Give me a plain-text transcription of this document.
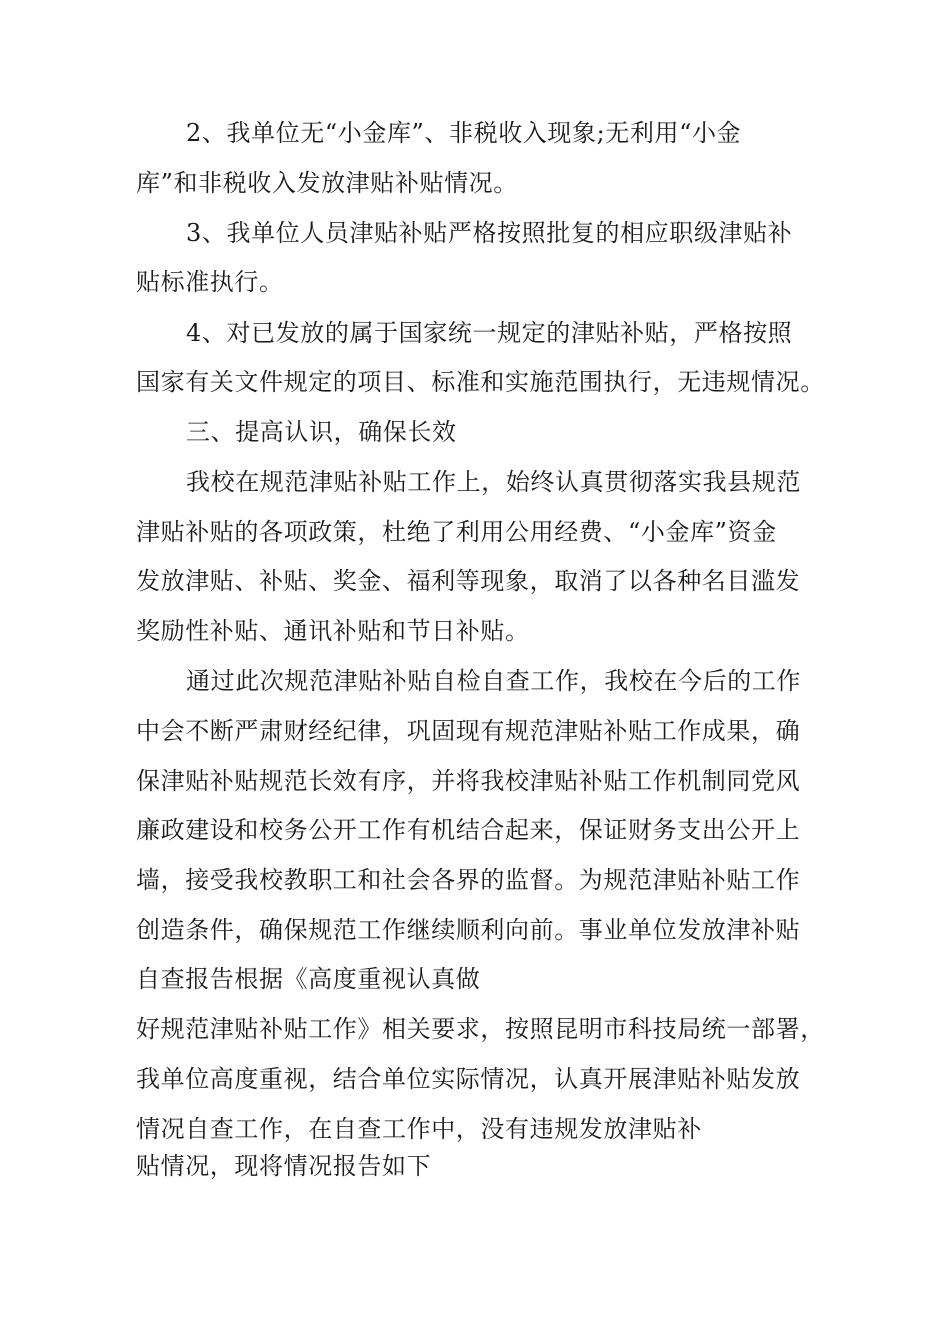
2、我单位无“小金库”、非税收入现象;无利用“小金
库”和非税收入发放津贴补贴情况。
3、我单位人员津贴补贴严格按照批复的相应职级津贴补
贴标准执行。
4、对已发放的属于国家统一规定的津贴补贴，严格按照
国家有关文件规定的项目、标准和实施范围执行，无违规情况。
三、提高认识，确保长效
我校在规范津贴补贴工作上，始终认真贯彻落实我县规范
津贴补贴的各项政策，杜绝了利用公用经费、“小金库”资金
发放津贴、补贴、奖金、福利等现象，取消了以各种名目滥发
奖励性补贴、通讯补贴和节日补贴。
通过此次规范津贴补贴自检自查工作，我校在今后的工作
中会不断严肃财经纪律，巩固现有规范津贴补贴工作成果，确
保津贴补贴规范长效有序，并将我校津贴补贴工作机制同党风
廉政建设和校务公开工作有机结合起来，保证财务支出公开上
墙，接受我校教职工和社会各界的监督。为规范津贴补贴工作
创造条件，确保规范工作继续顺利向前。事业单位发放津补贴
自查报告根据《高度重视认真做
好规范津贴补贴工作》相关要求，按照昆明市科技局统一部署，
我单位高度重视，结合单位实际情况，认真开展津贴补贴发放
情况自查工作，在自查工作中，没有违规发放津贴补
贴情况，现将情况报告如下
